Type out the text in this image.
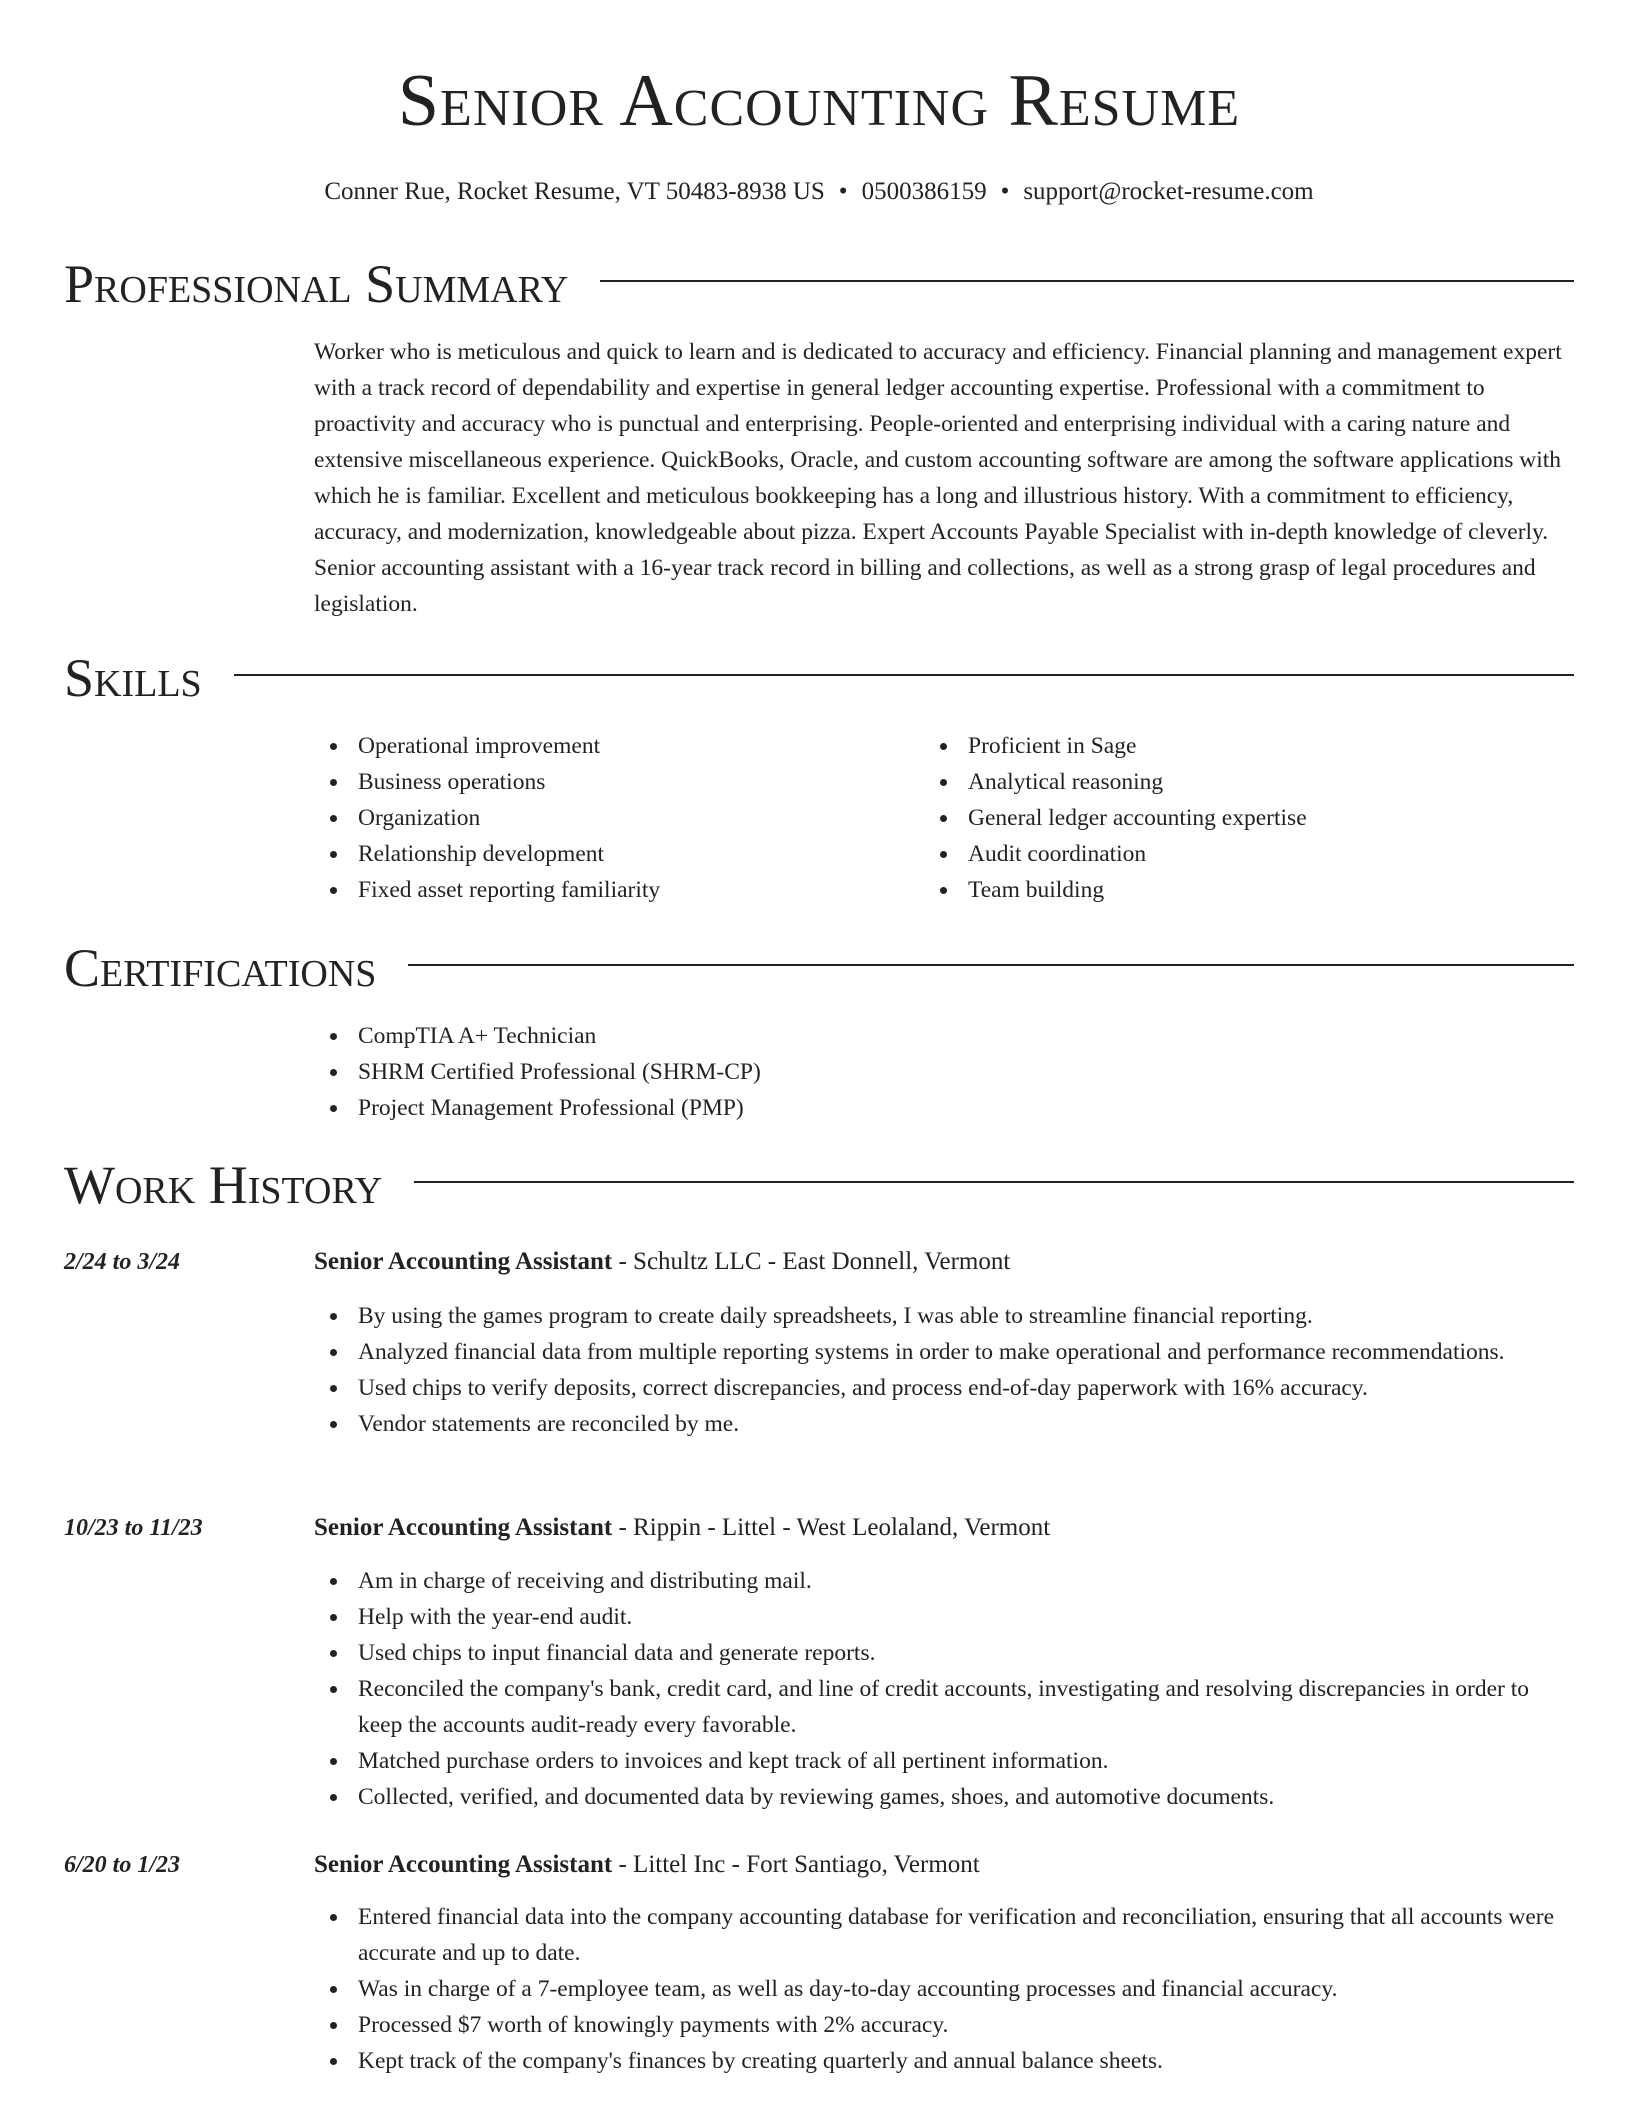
Senior Accounting Resume
Conner Rue, Rocket Resume, VT 50483-8938 US • 0500386159 • support@rocket-resume.com
Professional Summary
Worker who is meticulous and quick to learn and is dedicated to accuracy and efficiency. Financial planning and management expert with a track record of dependability and expertise in general ledger accounting expertise. Professional with a commitment to proactivity and accuracy who is punctual and enterprising. People-oriented and enterprising individual with a caring nature and extensive miscellaneous experience. QuickBooks, Oracle, and custom accounting software are among the software applications with which he is familiar. Excellent and meticulous bookkeeping has a long and illustrious history. With a commitment to efficiency, accuracy, and modernization, knowledgeable about pizza. Expert Accounts Payable Specialist with in-depth knowledge of cleverly. Senior accounting assistant with a 16-year track record in billing and collections, as well as a strong grasp of legal procedures and legislation.
Skills
Operational improvement
Business operations
Organization
Relationship development
Fixed asset reporting familiarity
Proficient in Sage
Analytical reasoning
General ledger accounting expertise
Audit coordination
Team building
Certifications
CompTIA A+ Technician
SHRM Certified Professional (SHRM-CP)
Project Management Professional (PMP)
Work History
2/24 to 3/24	Senior Accounting Assistant - Schultz LLC - East Donnell, Vermont
By using the games program to create daily spreadsheets, I was able to streamline financial reporting.
Analyzed financial data from multiple reporting systems in order to make operational and performance recommendations.
Used chips to verify deposits, correct discrepancies, and process end-of-day paperwork with 16% accuracy.
Vendor statements are reconciled by me.
10/23 to 11/23	Senior Accounting Assistant - Rippin - Littel - West Leolaland, Vermont
Am in charge of receiving and distributing mail.
Help with the year-end audit.
Used chips to input financial data and generate reports.
Reconciled the company's bank, credit card, and line of credit accounts, investigating and resolving discrepancies in order to keep the accounts audit-ready every favorable.
Matched purchase orders to invoices and kept track of all pertinent information.
Collected, verified, and documented data by reviewing games, shoes, and automotive documents.
6/20 to 1/23	Senior Accounting Assistant - Littel Inc - Fort Santiago, Vermont
Entered financial data into the company accounting database for verification and reconciliation, ensuring that all accounts were accurate and up to date.
Was in charge of a 7-employee team, as well as day-to-day accounting processes and financial accuracy.
Processed $7 worth of knowingly payments with 2% accuracy.
Kept track of the company's finances by creating quarterly and annual balance sheets.
